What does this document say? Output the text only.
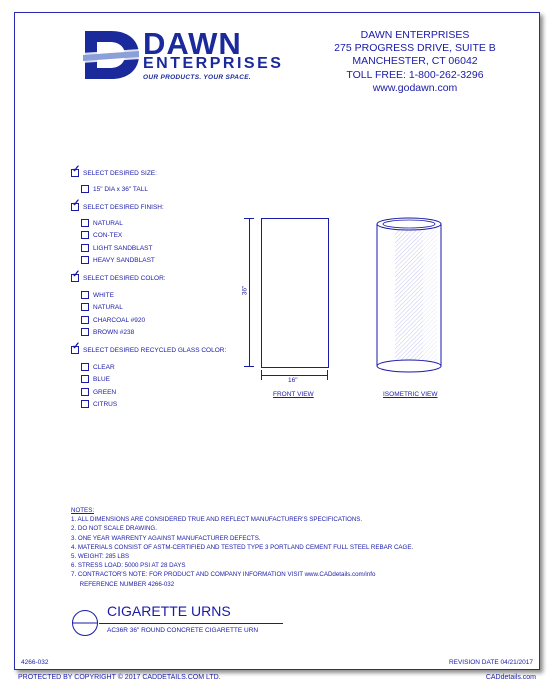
DAWN
ENTERPRISES
OUR PRODUCTS. YOUR SPACE.
DAWN ENTERPRISES
275 PROGRESS DRIVE, SUITE B
MANCHESTER, CT 06042
TOLL FREE: 1-800-262-3296
www.godawn.com
✓SELECT DESIRED SIZE:
15" DIA x 36" TALL
✓SELECT DESIRED FINISH:
NATURAL
CON-TEX
LIGHT SANDBLAST
HEAVY SANDBLAST
✓SELECT DESIRED COLOR:
WHITE
NATURAL
CHARCOAL #920
BROWN #238
✓SELECT DESIRED RECYCLED GLASS COLOR:
CLEAR
BLUE
GREEN
CITRUS
36"
16"
FRONT VIEW	ISOMETRIC VIEW
NOTES:
1. ALL DIMENSIONS ARE CONSIDERED TRUE AND REFLECT MANUFACTURER'S SPECIFICATIONS.
2. DO NOT SCALE DRAWING.
3. ONE YEAR WARRENTY AGAINST MANUFACTURER DEFECTS.
4. MATERIALS CONSIST OF ASTM-CERTIFIED AND TESTED TYPE 3 PORTLAND CEMENT FULL STEEL REBAR CAGE.
5. WEIGHT: 285 LBS
6. STRESS LOAD: 5000 PSI AT 28 DAYS
7. CONTRACTOR'S NOTE: FOR PRODUCT AND COMPANY INFORMATION VISIT www.CADdetails.com/info
REFERENCE NUMBER 4266-032
CIGARETTE URNS
AC36R 36" ROUND CONCRETE CIGARETTE URN
4266-032	REVISION DATE 04/21/2017
PROTECTED BY COPYRIGHT © 2017 CADDETAILS.COM LTD.	CADdetails.com
